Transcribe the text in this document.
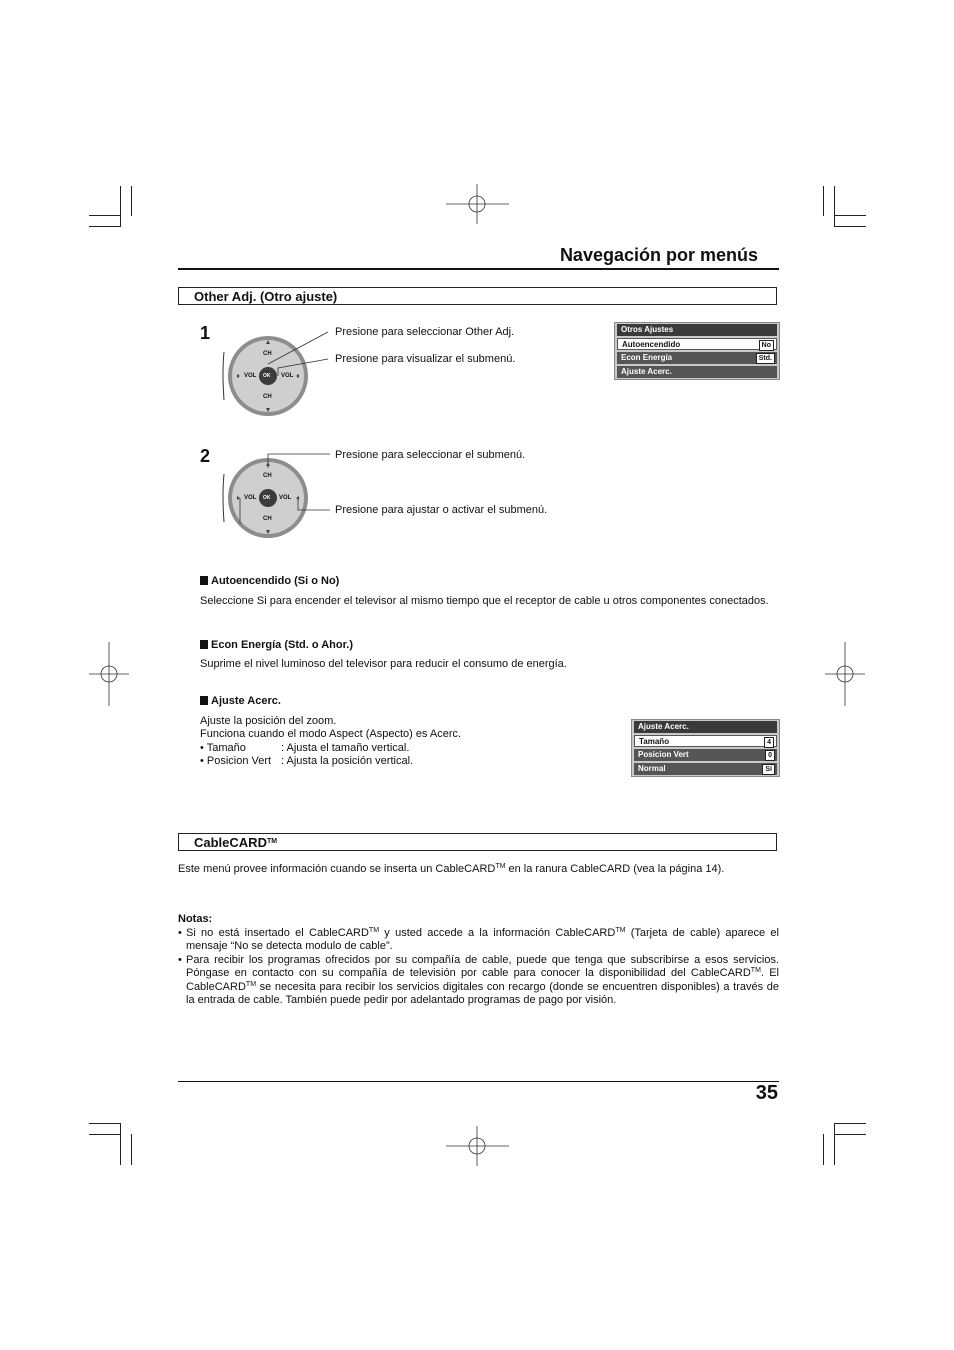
Navegación por menús
Other Adj. (Otro ajuste)
1
CH
CH
VOL	VOL
OK
Presione para seleccionar Other Adj.
Presione para visualizar el submenú.
Otros Ajustes
Autoencendido	No
Econ Energía	Std.
Ajuste Acerc.
2
CH
CH
VOL	VOL
OK
Presione para seleccionar el submenú.
Presione para ajustar o activar el submenú.
Autoencendido (Si o No)
Seleccione Si para encender el televisor al mismo tiempo que el receptor de cable u otros componentes conectados.
Econ Energía (Std. o Ahor.)
Suprime el nivel luminoso del televisor para reducir el consumo de energía.
Ajuste Acerc.
Ajuste la posición del zoom.
Funciona cuando el modo Aspect (Aspecto) es Acerc.
• Tamaño	: Ajusta el tamaño vertical.
• Posicion Vert : Ajusta la posición vertical.
Ajuste Acerc.
Tamaño	4
Posicion Vert	0
Normal	Sí
CableCARD™
Este menú provee información cuando se inserta un CableCARD™ en la ranura CableCARD (vea la página 14).
Notas:
• Si no está insertado el CableCARD™ y usted accede a la información CableCARD™ (Tarjeta de cable) aparece el mensaje “No se detecta modulo de cable”.
• Para recibir los programas ofrecidos por su compañía de cable, puede que tenga que subscribirse a esos servicios. Póngase en contacto con su compañía de televisión por cable para conocer la disponibilidad del CableCARD™. El CableCARD™ se necesita para recibir los servicios digitales con recargo (donde se encuentren disponibles) a través de la entrada de cable. También puede pedir por adelantado programas de pago por visión.
35
